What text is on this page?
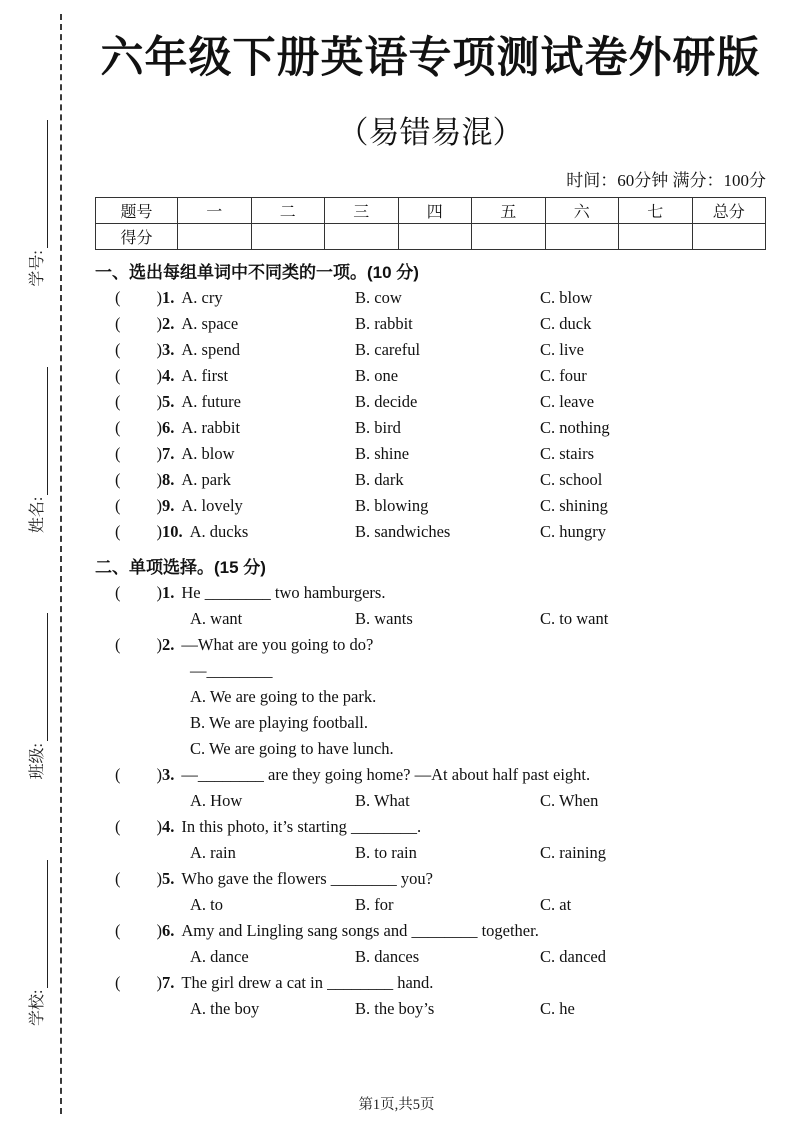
学校:
班级:
姓名:
学号:
六年级下册英语专项测试卷外研版
（易错易混）
时间：60分钟 满分：100分
题号	一	二	三	四	五	六	七	总分
得分								
一、选出每组单词中不同类的一项。(10 分)
( )1. A. cry	B. cow	C. blow
( )2. A. space	B. rabbit	C. duck
( )3. A. spend	B. careful	C. live
( )4. A. first	B. one	C. four
( )5. A. future	B. decide	C. leave
( )6. A. rabbit	B. bird	C. nothing
( )7. A. blow	B. shine	C. stairs
( )8. A. park	B. dark	C. school
( )9. A. lovely	B. blowing	C. shining
( )10. A. ducks	B. sandwiches	C. hungry
二、单项选择。(15 分)
( )1. He ________ two hamburgers.
A. want	B. wants	C. to want
( )2. —What are you going to do?
—________
A. We are going to the park.
B. We are playing football.
C. We are going to have lunch.
( )3. —________ are they going home? —At about half past eight.
A. How	B. What	C. When
( )4. In this photo, it’s starting ________.
A. rain	B. to rain	C. raining
( )5. Who gave the flowers ________ you?
A. to	B. for	C. at
( )6. Amy and Lingling sang songs and ________ together.
A. dance	B. dances	C. danced
( )7. The girl drew a cat in ________ hand.
A. the boy	B. the boy’s	C. he
第1页,共5页
